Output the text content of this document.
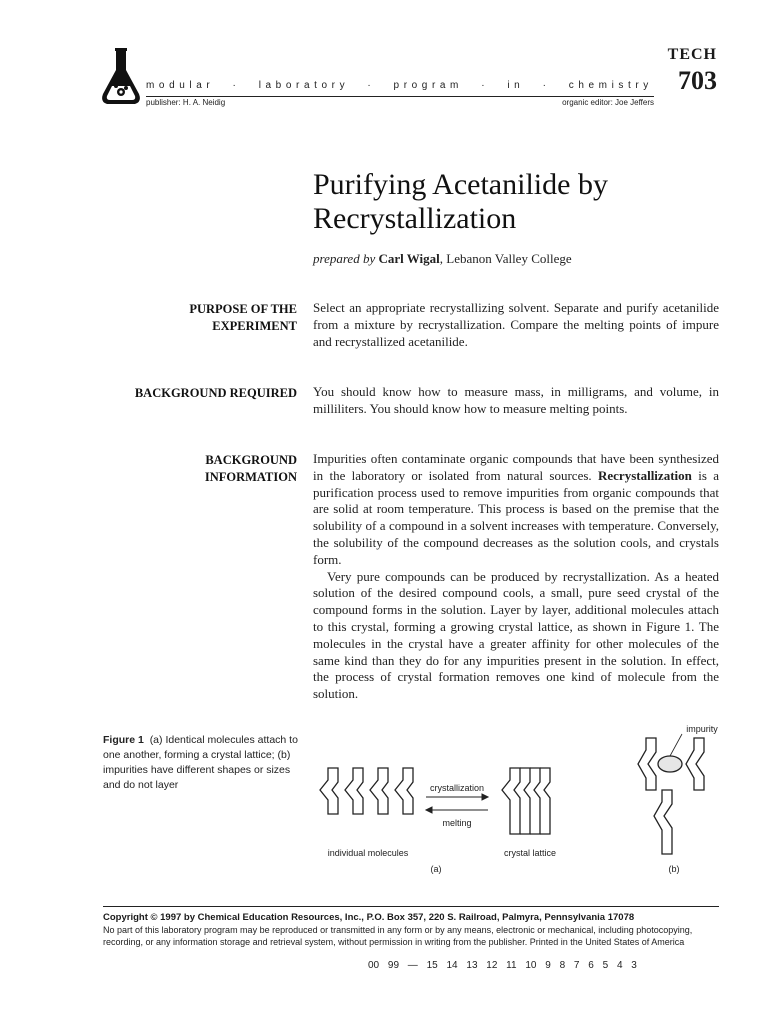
modular · laboratory · program · in · chemistry
publisher: H. A. Neidig	organic editor: Joe Jeffers
TECH
703
Purifying Acetanilide by
Recrystallization
prepared by Carl Wigal, Lebanon Valley College
PURPOSE OF THE
EXPERIMENT

Select an appropriate recrystallizing solvent. Separate and purify acetanilide from a mixture by recrystallization. Compare the melting points of impure and recrystallized acetanilide.

BACKGROUND REQUIRED You should know how to measure mass, in milligrams, and volume, in milliliters. You should know how to measure melting points.

BACKGROUND
INFORMATION

Impurities often contaminate organic compounds that have been synthesized in the laboratory or isolated from natural sources. Recrystallization is a purification process used to remove impurities from organic compounds that are solid at room temperature. This process is based on the premise that the solubility of a compound in a solvent increases with temperature. Conversely, the solubility of the compound decreases as the solution cools, and crystals form.

Very pure compounds can be produced by recrystallization. As a heated solution of the desired compound cools, a small, pure seed crystal of the compound forms in the solution. Layer by layer, additional molecules attach to this crystal, forming a growing crystal lattice, as shown in Figure 1. The molecules in the crystal have a greater affinity for other molecules of the same kind than they do for any impurities present in the solution. In effect, the process of crystal formation removes one kind of molecule from the solution.

Figure 1 (a) Identical molecules attach to one another, forming a crystal lattice; (b) impurities have different shapes or sizes and do not layer	crystallization
melting
individual molecules	crystal lattice
(a)
impurity
(b)
Copyright © 1997 by Chemical Education Resources, Inc., P.O. Box 357, 220 S. Railroad, Palmyra, Pennsylvania 17078
No part of this laboratory program may be reproduced or transmitted in any form or by any means, electronic or mechanical, including photocopying, recording, or any information storage and retrieval system, without permission in writing from the publisher. Printed in the United States of America
00 99 — 15 14 13 12 11 10 9 8 7 6 5 4 3
